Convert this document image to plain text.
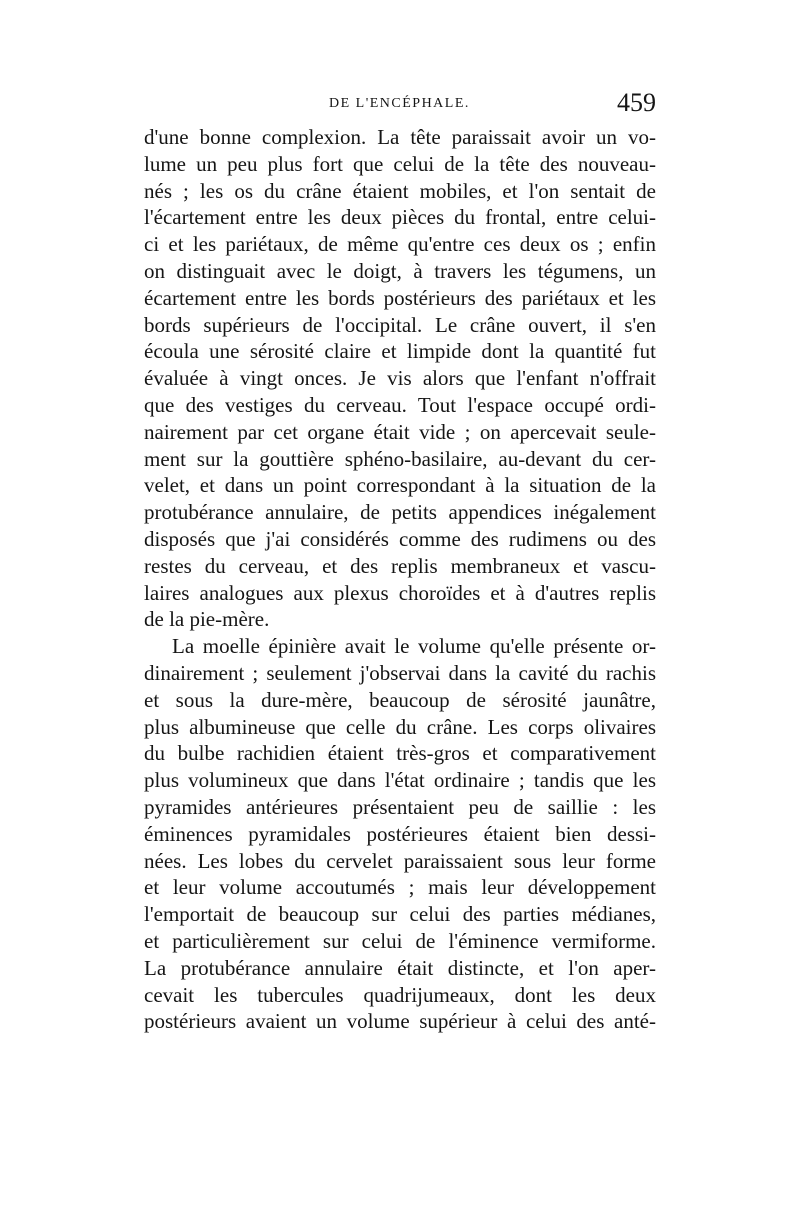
DE L'ENCÉPHALE.	459
d'une bonne complexion. La tête paraissait avoir un vo-
lume un peu plus fort que celui de la tête des nouveau-
nés ; les os du crâne étaient mobiles, et l'on sentait de
l'écartement entre les deux pièces du frontal, entre celui-
ci et les pariétaux, de même qu'entre ces deux os ; enfin
on distinguait avec le doigt, à travers les tégumens, un
écartement entre les bords postérieurs des pariétaux et les
bords supérieurs de l'occipital. Le crâne ouvert, il s'en
écoula une sérosité claire et limpide dont la quantité fut
évaluée à vingt onces. Je vis alors que l'enfant n'offrait
que des vestiges du cerveau. Tout l'espace occupé ordi-
nairement par cet organe était vide ; on apercevait seule-
ment sur la gouttière sphéno-basilaire, au-devant du cer-
velet, et dans un point correspondant à la situation de la
protubérance annulaire, de petits appendices inégalement
disposés que j'ai considérés comme des rudimens ou des
restes du cerveau, et des replis membraneux et vascu-
laires analogues aux plexus choroïdes et à d'autres replis
de la pie-mère.
La moelle épinière avait le volume qu'elle présente or-
dinairement ; seulement j'observai dans la cavité du rachis
et sous la dure-mère, beaucoup de sérosité jaunâtre,
plus albumineuse que celle du crâne. Les corps olivaires
du bulbe rachidien étaient très-gros et comparativement
plus volumineux que dans l'état ordinaire ; tandis que les
pyramides antérieures présentaient peu de saillie : les
éminences pyramidales postérieures étaient bien dessi-
nées. Les lobes du cervelet paraissaient sous leur forme
et leur volume accoutumés ; mais leur développement
l'emportait de beaucoup sur celui des parties médianes,
et particulièrement sur celui de l'éminence vermiforme.
La protubérance annulaire était distincte, et l'on aper-
cevait les tubercules quadrijumeaux, dont les deux
postérieurs avaient un volume supérieur à celui des anté-
